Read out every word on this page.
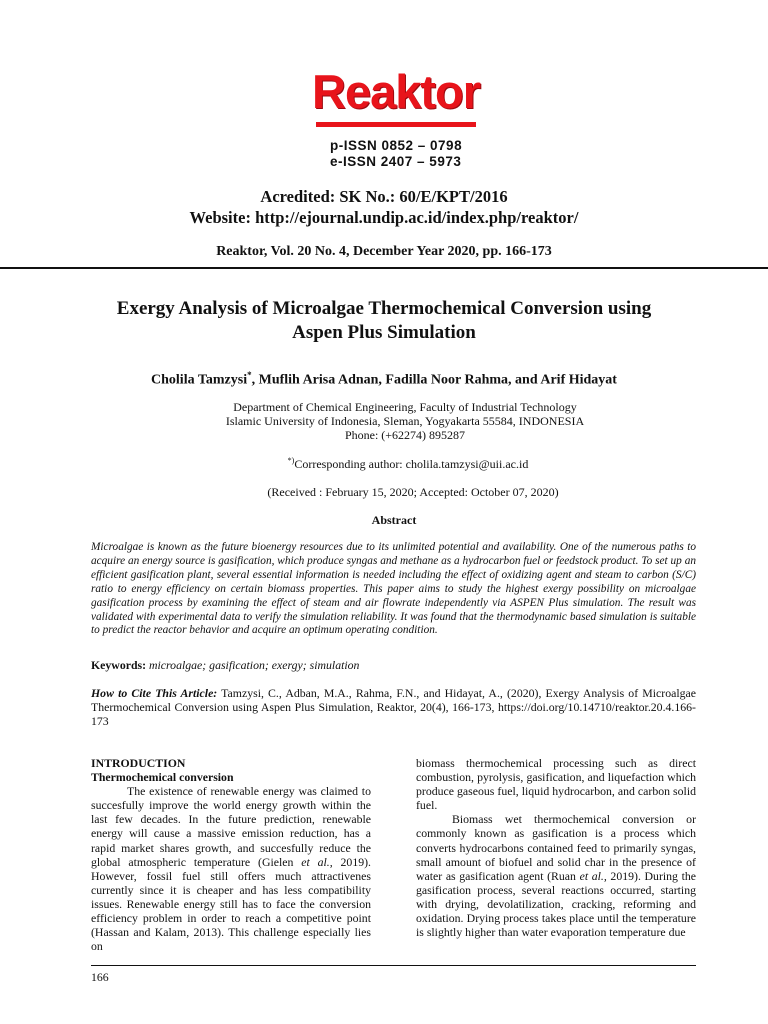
Reaktor
p-ISSN 0852 – 0798
e-ISSN 2407 – 5973
Acredited: SK No.: 60/E/KPT/2016
Website: http://ejournal.undip.ac.id/index.php/reaktor/
Reaktor, Vol. 20 No. 4, December Year 2020, pp. 166-173
Exergy Analysis of Microalgae Thermochemical Conversion using
Aspen Plus Simulation
Cholila Tamzysi*, Muflih Arisa Adnan, Fadilla Noor Rahma, and Arif Hidayat
Department of Chemical Engineering, Faculty of Industrial Technology
Islamic University of Indonesia, Sleman, Yogyakarta 55584, INDONESIA
Phone: (+62274) 895287
*)Corresponding author: cholila.tamzysi@uii.ac.id
(Received : February 15, 2020; Accepted: October 07, 2020)
Abstract
Microalgae is known as the future bioenergy resources due to its unlimited potential and availability. One of the numerous paths to acquire an energy source is gasification, which produce syngas and methane as a hydrocarbon fuel or feedstock product. To set up an efficient gasification plant, several essential information is needed including the effect of oxidizing agent and steam to carbon (S/C) ratio to energy efficiency on certain biomass properties. This paper aims to study the highest exergy possibility on microalgae gasification process by examining the effect of steam and air flowrate independently via ASPEN Plus simulation. The result was validated with experimental data to verify the simulation reliability. It was found that the thermodynamic based simulation is suitable to predict the reactor behavior and acquire an optimum operating condition.
Keywords: microalgae; gasification; exergy; simulation
How to Cite This Article: Tamzysi, C., Adban, M.A., Rahma, F.N., and Hidayat, A., (2020), Exergy Analysis of Microalgae Thermochemical Conversion using Aspen Plus Simulation, Reaktor, 20(4), 166-173, https://doi.org/10.14710/reaktor.20.4.166-173
INTRODUCTION
Thermochemical conversion

The existence of renewable energy was claimed to succesfully improve the world energy growth within the last few decades. In the future prediction, renewable energy will cause a massive emission reduction, has a rapid market shares growth, and succesfully reduce the global atmospheric temperature (Gielen et al., 2019). However, fossil fuel still offers much attractivenes currently since it is cheaper and has less compatibility issues. Renewable energy still has to face the conversion efficiency problem in order to reach a competitive point (Hassan and Kalam, 2013). This challenge especially lies on

biomass thermochemical processing such as direct combustion, pyrolysis, gasification, and liquefaction which produce gaseous fuel, liquid hydrocarbon, and carbon solid fuel.

Biomass wet thermochemical conversion or commonly known as gasification is a process which converts hydrocarbons contained feed to primarily syngas, small amount of biofuel and solid char in the presence of water as gasification agent (Ruan et al., 2019). During the gasification process, several reactions occurred, starting with drying, devolatilization, cracking, reforming and oxidation. Drying process takes place until the temperature is slightly higher than water evaporation temperature due

166
